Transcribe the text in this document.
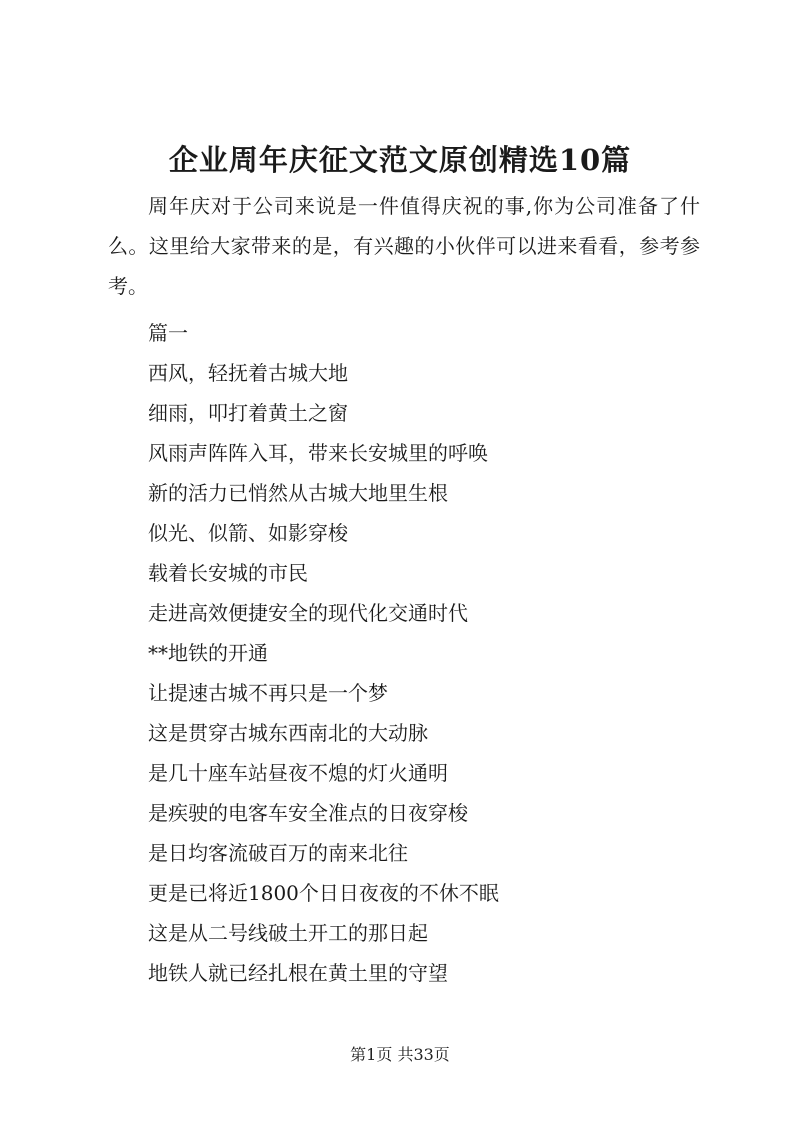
企业周年庆征文范文原创精选10篇

周年庆对于公司来说是一件值得庆祝的事,你为公司准备了什么。这里给大家带来的是，有兴趣的小伙伴可以进来看看，参考参考。

篇一
西风，轻抚着古城大地
细雨，叩打着黄土之窗
风雨声阵阵入耳，带来长安城里的呼唤
新的活力已悄然从古城大地里生根
似光、似箭、如影穿梭
载着长安城的市民
走进高效便捷安全的现代化交通时代
**地铁的开通
让提速古城不再只是一个梦
这是贯穿古城东西南北的大动脉
是几十座车站昼夜不熄的灯火通明
是疾驶的电客车安全准点的日夜穿梭
是日均客流破百万的南来北往
更是已将近1800个日日夜夜的不休不眠
这是从二号线破土开工的那日起
地铁人就已经扎根在黄土里的守望
第1页 共33页
